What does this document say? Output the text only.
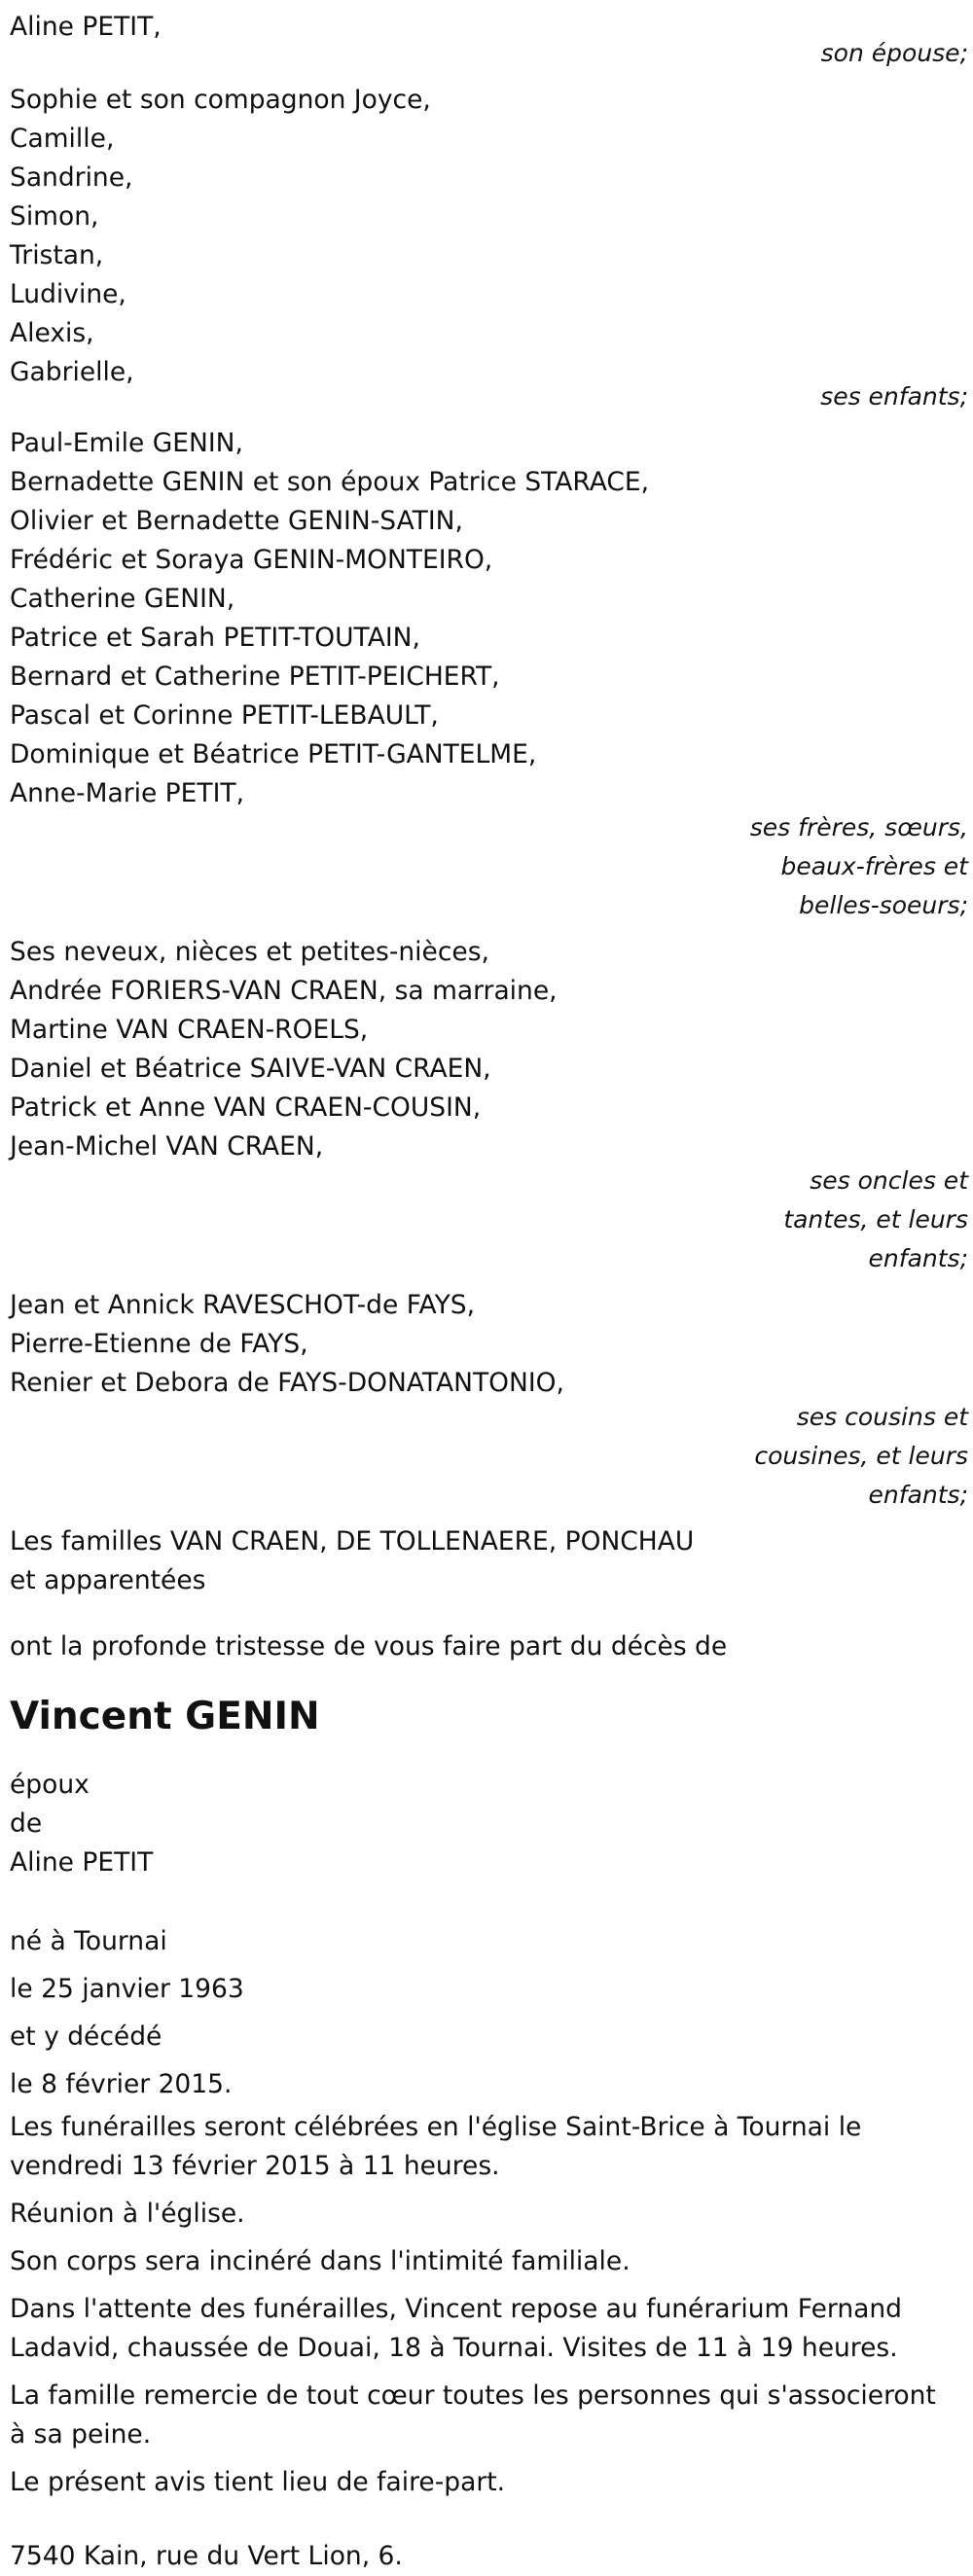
Aline PETIT,
son épouse;
Sophie et son compagnon Joyce,
Camille,
Sandrine,
Simon,
Tristan,
Ludivine,
Alexis,
Gabrielle,
ses enfants;
Paul-Emile GENIN,
Bernadette GENIN et son époux Patrice STARACE,
Olivier et Bernadette GENIN-SATIN,
Frédéric et Soraya GENIN-MONTEIRO,
Catherine GENIN,
Patrice et Sarah PETIT-TOUTAIN,
Bernard et Catherine PETIT-PEICHERT,
Pascal et Corinne PETIT-LEBAULT,
Dominique et Béatrice PETIT-GANTELME,
Anne-Marie PETIT,
ses frères, sœurs,
beaux-frères et
belles-soeurs;
Ses neveux, nièces et petites-nièces,
Andrée FORIERS-VAN CRAEN, sa marraine,
Martine VAN CRAEN-ROELS,
Daniel et Béatrice SAIVE-VAN CRAEN,
Patrick et Anne VAN CRAEN-COUSIN,
Jean-Michel VAN CRAEN,
ses oncles et
tantes, et leurs
enfants;
Jean et Annick RAVESCHOT-de FAYS,
Pierre-Etienne de FAYS,
Renier et Debora de FAYS-DONATANTONIO,
ses cousins et
cousines, et leurs
enfants;
Les familles VAN CRAEN, DE TOLLENAERE, PONCHAU
et apparentées
ont la profonde tristesse de vous faire part du décès de
Vincent GENIN
époux
de
Aline PETIT
né à Tournai
le 25 janvier 1963
et y décédé
le 8 février 2015.
Les funérailles seront célébrées en l'église Saint-Brice à Tournai le vendredi 13 février 2015 à 11 heures.
Réunion à l'église.
Son corps sera incinéré dans l'intimité familiale.
Dans l'attente des funérailles, Vincent repose au funérarium Fernand Ladavid, chaussée de Douai, 18 à Tournai. Visites de 11 à 19 heures.
La famille remercie de tout cœur toutes les personnes qui s'associeront à sa peine.
Le présent avis tient lieu de faire-part.
7540 Kain, rue du Vert Lion, 6.
